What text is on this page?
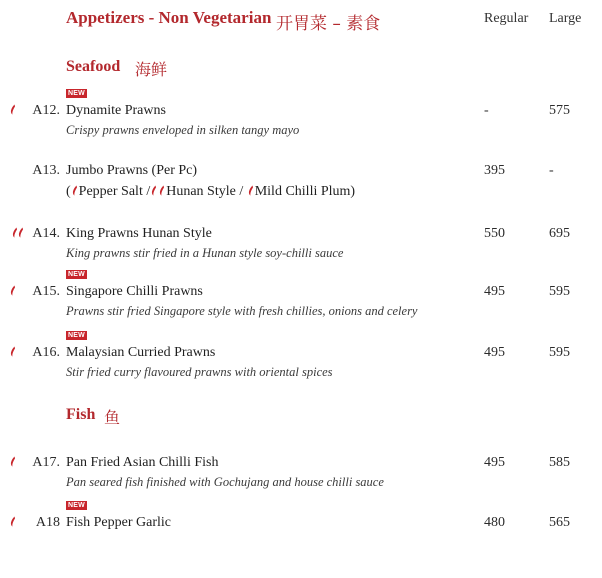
Appetizers - Non Vegetarian 开胃菜 – 素食	Regular Large
Seafood 海鲜
NEW
A12. Dynamite Prawns
Crispy prawns enveloped in silken tangy mayo
-	575
A13. Jumbo Prawns (Per Pc)
( Pepper Salt / Hunan Style / Mild Chilli Plum)
395	-
A14. King Prawns Hunan Style
King prawns stir fried in a Hunan style soy-chilli sauce
550	695
NEW
A15. Singapore Chilli Prawns
Prawns stir fried Singapore style with fresh chillies, onions and celery
495	595
NEW
A16. Malaysian Curried Prawns
Stir fried curry flavoured prawns with oriental spices
495	595
Fish 鱼
A17. Pan Fried Asian Chilli Fish
Pan seared fish finished with Gochujang and house chilli sauce
495	585
NEW
A18 Fish Pepper Garlic	480	565
